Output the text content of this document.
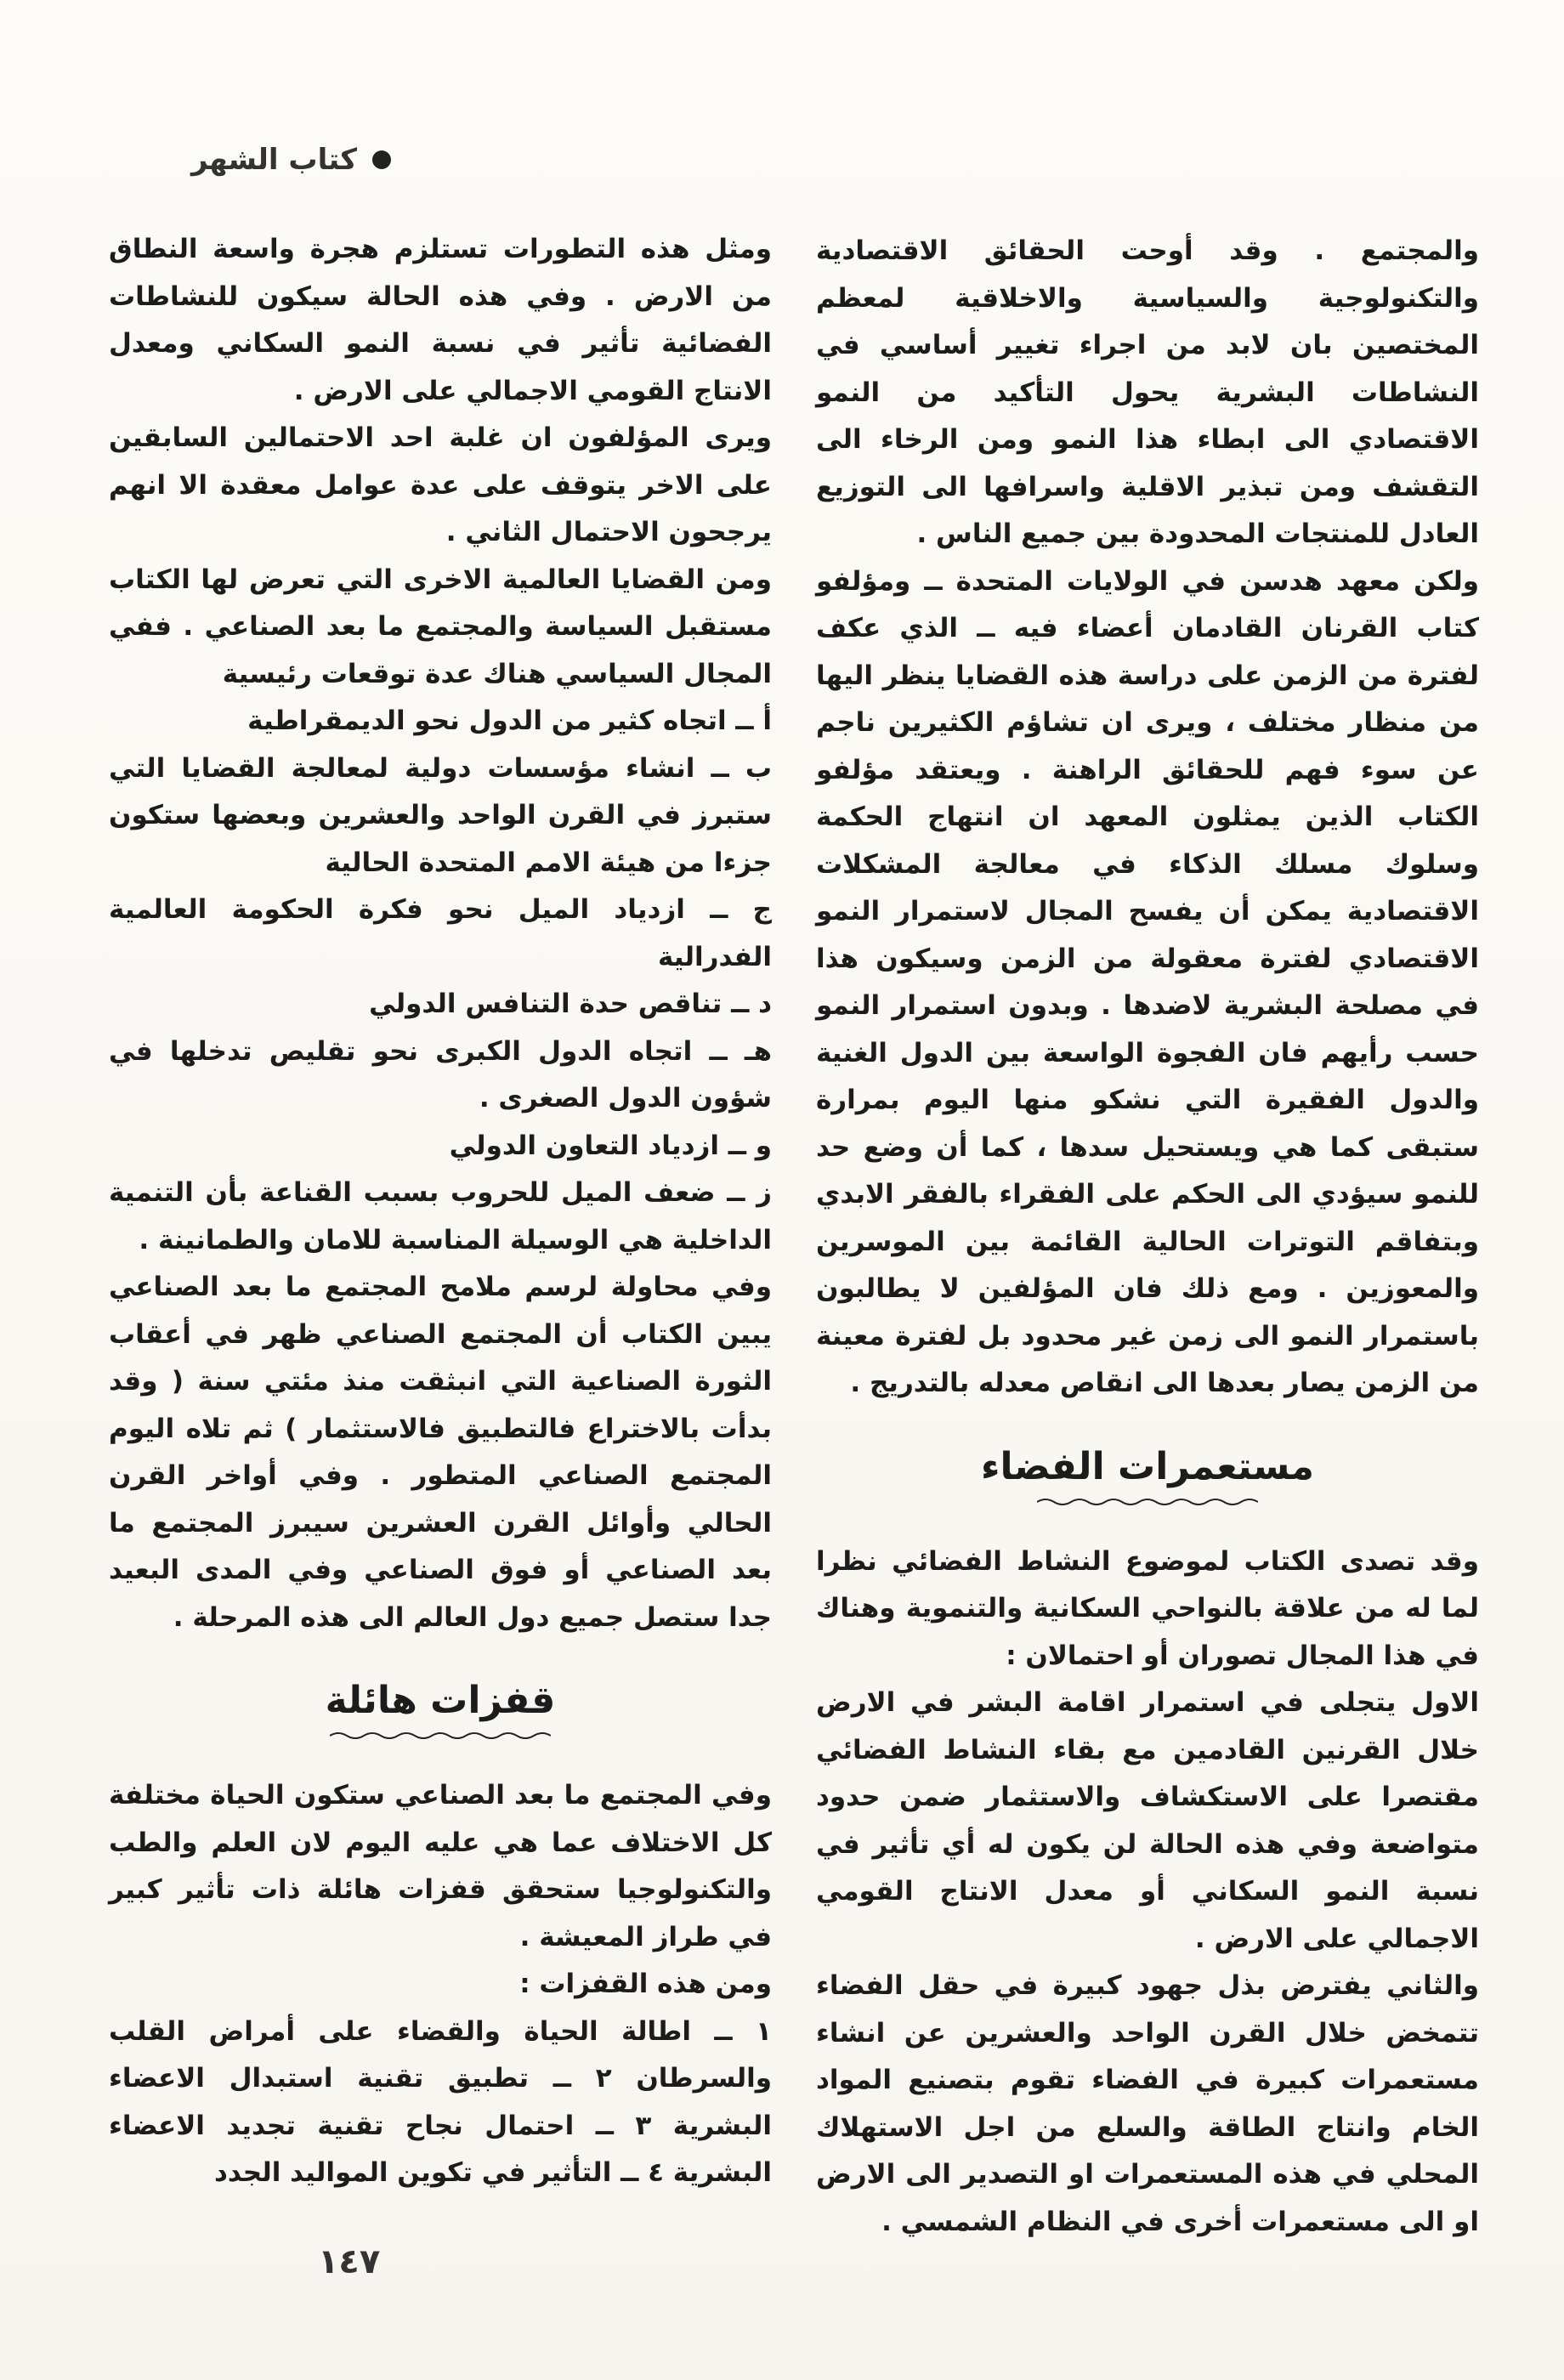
كتاب الشهر

والمجتمع . وقد أوحت الحقائق الاقتصادية والتكنولوجية والسياسية والاخلاقية لمعظم المختصين بان لابد من اجراء تغيير أساسي في النشاطات البشرية يحول التأكيد من النمو الاقتصادي الى ابطاء هذا النمو ومن الرخاء الى التقشف ومن تبذير الاقلية واسرافها الى التوزيع العادل للمنتجات المحدودة بين جميع الناس .

ولكن معهد هدسن في الولايات المتحدة ــ ومؤلفو كتاب القرنان القادمان أعضاء فيه ــ الذي عكف لفترة من الزمن على دراسة هذه القضايا ينظر اليها من منظار مختلف ، ويرى ان تشاؤم الكثيرين ناجم عن سوء فهم للحقائق الراهنة . ويعتقد مؤلفو الكتاب الذين يمثلون المعهد ان انتهاج الحكمة وسلوك مسلك الذكاء في معالجة المشكلات الاقتصادية يمكن أن يفسح المجال لاستمرار النمو الاقتصادي لفترة معقولة من الزمن وسيكون هذا في مصلحة البشرية لاضدها . وبدون استمرار النمو حسب رأيهم فان الفجوة الواسعة بين الدول الغنية والدول الفقيرة التي نشكو منها اليوم بمرارة ستبقى كما هي ويستحيل سدها ، كما أن وضع حد للنمو سيؤدي الى الحكم على الفقراء بالفقر الابدي وبتفاقم التوترات الحالية القائمة بين الموسرين والمعوزين . ومع ذلك فان المؤلفين لا يطالبون باستمرار النمو الى زمن غير محدود بل لفترة معينة من الزمن يصار بعدها الى انقاص معدله بالتدريج .

مستعمرات الفضاء

وقد تصدى الكتاب لموضوع النشاط الفضائي نظرا لما له من علاقة بالنواحي السكانية والتنموية وهناك في هذا المجال تصوران أو احتمالان :

الاول يتجلى في استمرار اقامة البشر في الارض خلال القرنين القادمين مع بقاء النشاط الفضائي مقتصرا على الاستكشاف والاستثمار ضمن حدود متواضعة وفي هذه الحالة لن يكون له أي تأثير في نسبة النمو السكاني أو معدل الانتاج القومي الاجمالي على الارض .

والثاني يفترض بذل جهود كبيرة في حقل الفضاء تتمخض خلال القرن الواحد والعشرين عن انشاء مستعمرات كبيرة في الفضاء تقوم بتصنيع المواد الخام وانتاج الطاقة والسلع من اجل الاستهلاك المحلي في هذه المستعمرات او التصدير الى الارض او الى مستعمرات أخرى في النظام الشمسي .

ومثل هذه التطورات تستلزم هجرة واسعة النطاق من الارض . وفي هذه الحالة سيكون للنشاطات الفضائية تأثير في نسبة النمو السكاني ومعدل الانتاج القومي الاجمالي على الارض .

ويرى المؤلفون ان غلبة احد الاحتمالين السابقين على الاخر يتوقف على عدة عوامل معقدة الا انهم يرجحون الاحتمال الثاني .

ومن القضايا العالمية الاخرى التي تعرض لها الكتاب مستقبل السياسة والمجتمع ما بعد الصناعي . ففي المجال السياسي هناك عدة توقعات رئيسية

أ ــ اتجاه كثير من الدول نحو الديمقراطية

ب ــ انشاء مؤسسات دولية لمعالجة القضايا التي ستبرز في القرن الواحد والعشرين وبعضها ستكون جزءا من هيئة الامم المتحدة الحالية

ج ــ ازدياد الميل نحو فكرة الحكومة العالمية الفدرالية

د ــ تناقص حدة التنافس الدولي

هـ ــ اتجاه الدول الكبرى نحو تقليص تدخلها في شؤون الدول الصغرى .

و ــ ازدياد التعاون الدولي

ز ــ ضعف الميل للحروب بسبب القناعة بأن التنمية الداخلية هي الوسيلة المناسبة للامان والطمانينة .

وفي محاولة لرسم ملامح المجتمع ما بعد الصناعي يبين الكتاب أن المجتمع الصناعي ظهر في أعقاب الثورة الصناعية التي انبثقت منذ مئتي سنة ( وقد بدأت بالاختراع فالتطبيق فالاستثمار ) ثم تلاه اليوم المجتمع الصناعي المتطور . وفي أواخر القرن الحالي وأوائل القرن العشرين سيبرز المجتمع ما بعد الصناعي أو فوق الصناعي وفي المدى البعيد جدا ستصل جميع دول العالم الى هذه المرحلة .

قفزات هائلة

وفي المجتمع ما بعد الصناعي ستكون الحياة مختلفة كل الاختلاف عما هي عليه اليوم لان العلم والطب والتكنولوجيا ستحقق قفزات هائلة ذات تأثير كبير في طراز المعيشة .

ومن هذه القفزات :

١ ــ اطالة الحياة والقضاء على أمراض القلب والسرطان ٢ ــ تطبيق تقنية استبدال الاعضاء البشرية ٣ ــ احتمال نجاح تقنية تجديد الاعضاء البشرية ٤ ــ التأثير في تكوين المواليد الجدد

١٤٧
